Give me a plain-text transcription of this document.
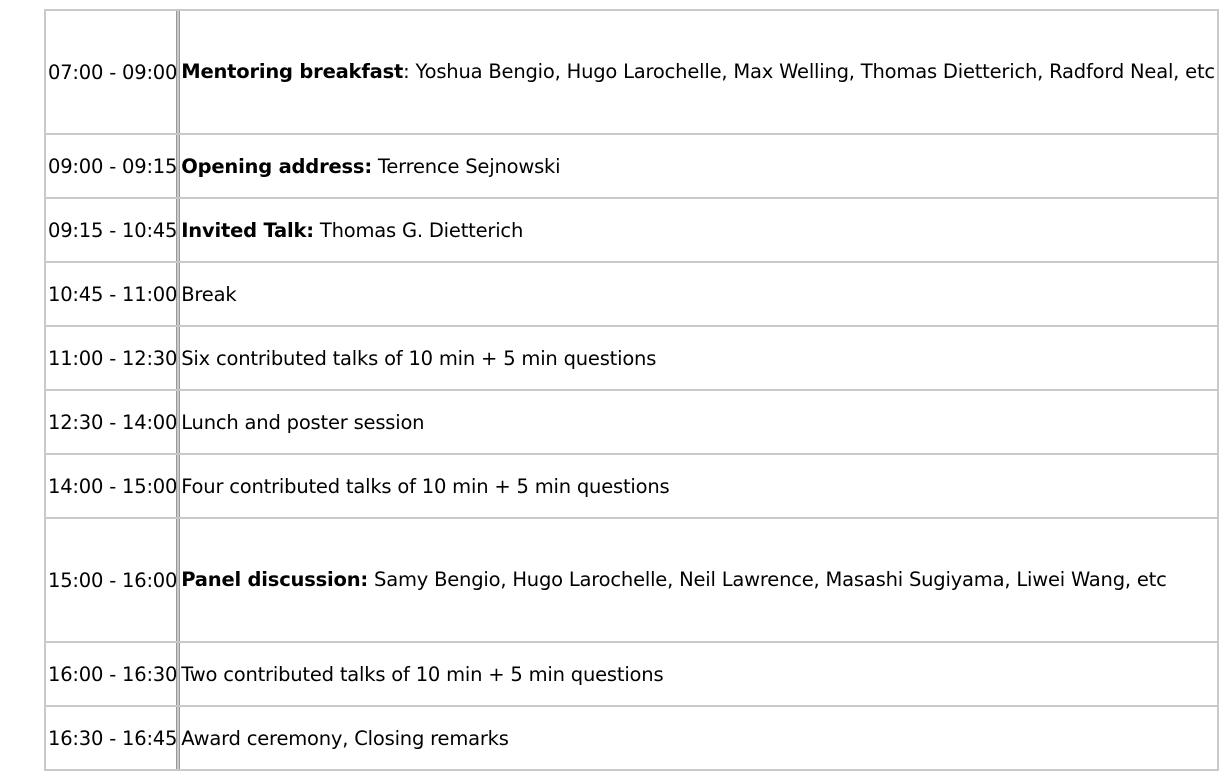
07:00 - 09:00	Mentoring breakfast: Yoshua Bengio, Hugo Larochelle, Max Welling, Thomas Dietterich, Radford Neal, etc
09:00 - 09:15	Opening address: Terrence Sejnowski
09:15 - 10:45	Invited Talk: Thomas G. Dietterich
10:45 - 11:00	Break
11:00 - 12:30	Six contributed talks of 10 min + 5 min questions
12:30 - 14:00	Lunch and poster session
14:00 - 15:00	Four contributed talks of 10 min + 5 min questions
15:00 - 16:00	Panel discussion: Samy Bengio, Hugo Larochelle, Neil Lawrence, Masashi Sugiyama, Liwei Wang, etc
16:00 - 16:30	Two contributed talks of 10 min + 5 min questions
16:30 - 16:45	Award ceremony, Closing remarks
